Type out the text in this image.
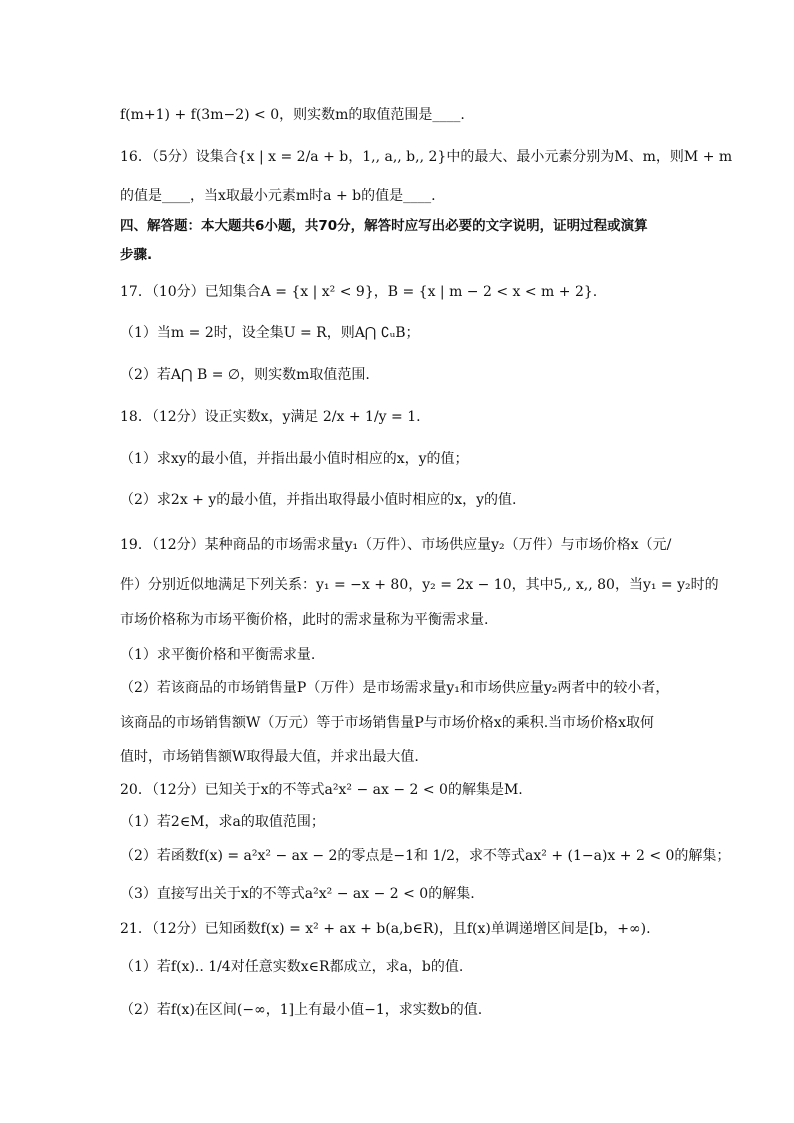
f(m+1) + f(3m−2) < 0，则实数m的取值范围是____.
16．（5分）设集合{x | x = 2/a + b，1,, a,, b,, 2}中的最大、最小元素分别为M、m，则M + m
的值是____，当x取最小元素m时a + b的值是____.
四、解答题：本大题共6小题，共70分，解答时应写出必要的文字说明，证明过程或演算
步骤.
17．（10分）已知集合A = {x | x² < 9}，B = {x | m − 2 < x < m + 2}.
（1）当m = 2时，设全集U = R，则A⋂ ∁ᵤB；
（2）若A⋂ B = ∅，则实数m取值范围.
18．（12分）设正实数x，y满足 2/x + 1/y = 1.
（1）求xy的最小值，并指出最小值时相应的x，y的值；
（2）求2x + y的最小值，并指出取得最小值时相应的x，y的值.
19．（12分）某种商品的市场需求量y₁（万件）、市场供应量y₂（万件）与市场价格x（元/
件）分别近似地满足下列关系：y₁ = −x + 80，y₂ = 2x − 10，其中5,, x,, 80，当y₁ = y₂时的
市场价格称为市场平衡价格，此时的需求量称为平衡需求量.
（1）求平衡价格和平衡需求量.
（2）若该商品的市场销售量P（万件）是市场需求量y₁和市场供应量y₂两者中的较小者，
该商品的市场销售额W（万元）等于市场销售量P与市场价格x的乘积.当市场价格x取何
值时，市场销售额W取得最大值，并求出最大值.
20．（12分）已知关于x的不等式a²x² − ax − 2 < 0的解集是M.
（1）若2∈M，求a的取值范围；
（2）若函数f(x) = a²x² − ax − 2的零点是−1和 1/2，求不等式ax² + (1−a)x + 2 < 0的解集；
（3）直接写出关于x的不等式a²x² − ax − 2 < 0的解集.
21．（12分）已知函数f(x) = x² + ax + b(a,b∈R)，且f(x)单调递增区间是[b，+∞).
（1）若f(x).. 1/4对任意实数x∈R都成立，求a，b的值.
（2）若f(x)在区间(−∞，1]上有最小值−1，求实数b的值.
